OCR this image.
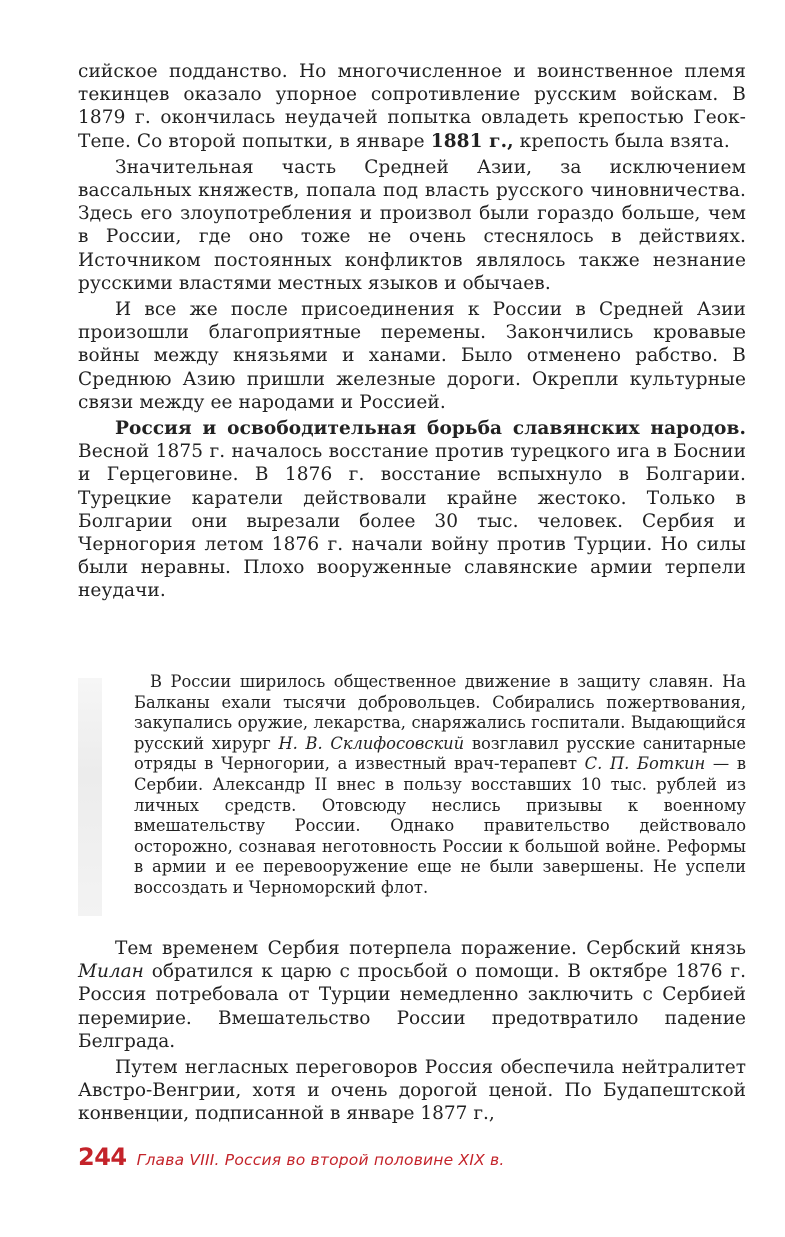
сийское подданство. Но многочисленное и воинственное племя текинцев оказало упорное сопротивление русским войскам. В 1879 г. окончилась неудачей попытка овладеть крепостью Геок-Тепе. Со второй попытки, в январе 1881 г., крепость была взята.

Значительная часть Средней Азии, за исключением вассальных княжеств, попала под власть русского чиновничества. Здесь его злоупотребления и произвол были гораздо больше, чем в России, где оно тоже не очень стеснялось в действиях. Источником постоянных конфликтов являлось также незнание русскими властями местных языков и обычаев.

И все же после присоединения к России в Средней Азии произошли благоприятные перемены. Закончились кровавые войны между князьями и ханами. Было отменено рабство. В Среднюю Азию пришли железные дороги. Окрепли культурные связи между ее народами и Россией.

Россия и освободительная борьба славянских народов. Весной 1875 г. началось восстание против турецкого ига в Боснии и Герцеговине. В 1876 г. восстание вспыхнуло в Болгарии. Турецкие каратели действовали крайне жестоко. Только в Болгарии они вырезали более 30 тыс. человек. Сербия и Черногория летом 1876 г. начали войну против Турции. Но силы были неравны. Плохо вооруженные славянские армии терпели неудачи.

В России ширилось общественное движение в защиту славян. На Балканы ехали тысячи добровольцев. Собирались пожертвования, закупались оружие, лекарства, снаряжались госпитали. Выдающийся русский хирург Н. В. Склифосовский возглавил русские санитарные отряды в Черногории, а известный врач-терапевт С. П. Боткин — в Сербии. Александр II внес в пользу восставших 10 тыс. рублей из личных средств. Отовсюду неслись призывы к военному вмешательству России. Однако правительство действовало осторожно, сознавая неготовность России к большой войне. Реформы в армии и ее перевооружение еще не были завершены. Не успели воссоздать и Черноморский флот.

Тем временем Сербия потерпела поражение. Сербский князь Милан обратился к царю с просьбой о помощи. В октябре 1876 г. Россия потребовала от Турции немедленно заключить с Сербией перемирие. Вмешательство России предотвратило падение Белграда.

Путем негласных переговоров Россия обеспечила нейтралитет Австро-Венгрии, хотя и очень дорогой ценой. По Будапештской конвенции, подписанной в январе 1877 г.,

244 Глава VIII. Россия во второй половине XIX в.
